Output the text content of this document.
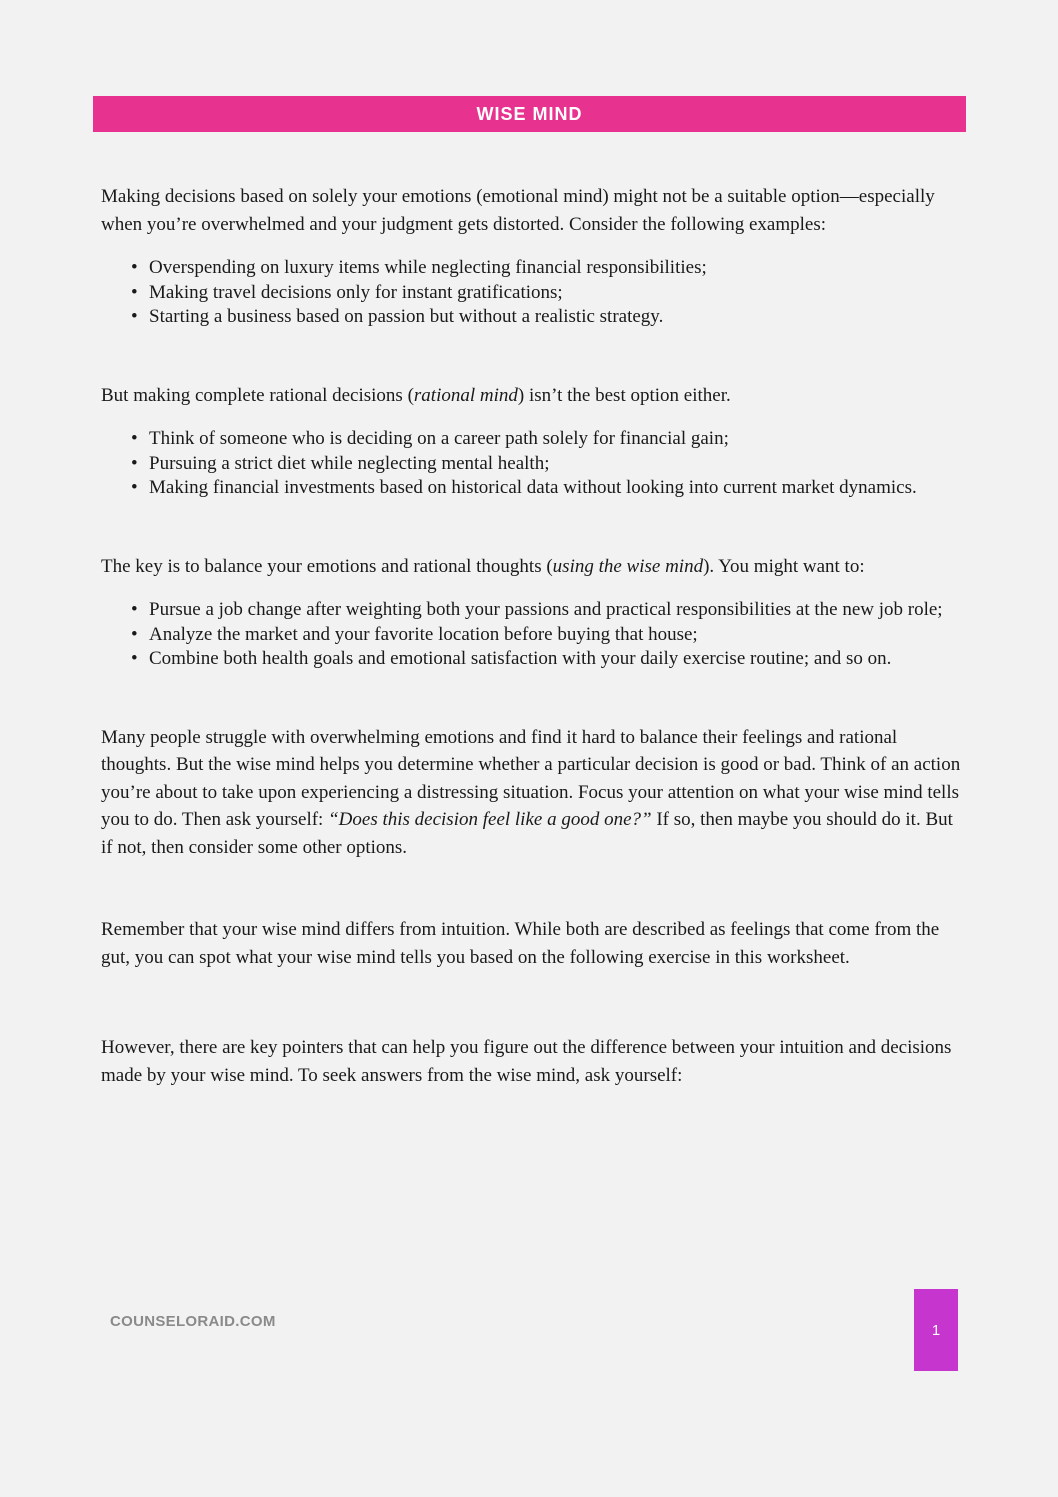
WISE MIND

Making decisions based on solely your emotions (emotional mind) might not be a suitable option—especially when you’re overwhelmed and your judgment gets distorted. Consider the following examples:

• Overspending on luxury items while neglecting financial responsibilities;
• Making travel decisions only for instant gratifications;
• Starting a business based on passion but without a realistic strategy.

But making complete rational decisions (rational mind) isn’t the best option either.

• Think of someone who is deciding on a career path solely for financial gain;
• Pursuing a strict diet while neglecting mental health;
• Making financial investments based on historical data without looking into current market dynamics.

The key is to balance your emotions and rational thoughts (using the wise mind). You might want to:

• Pursue a job change after weighting both your passions and practical responsibilities at the new job role;
• Analyze the market and your favorite location before buying that house;
• Combine both health goals and emotional satisfaction with your daily exercise routine; and so on.

Many people struggle with overwhelming emotions and find it hard to balance their feelings and rational thoughts. But the wise mind helps you determine whether a particular decision is good or bad. Think of an action you’re about to take upon experiencing a distressing situation. Focus your attention on what your wise mind tells you to do. Then ask yourself: “Does this decision feel like a good one?” If so, then maybe you should do it. But if not, then consider some other options.

Remember that your wise mind differs from intuition. While both are described as feelings that come from the gut, you can spot what your wise mind tells you based on the following exercise in this worksheet.

However, there are key pointers that can help you figure out the difference between your intuition and decisions made by your wise mind. To seek answers from the wise mind, ask yourself:

COUNSELORAID.COM	1
